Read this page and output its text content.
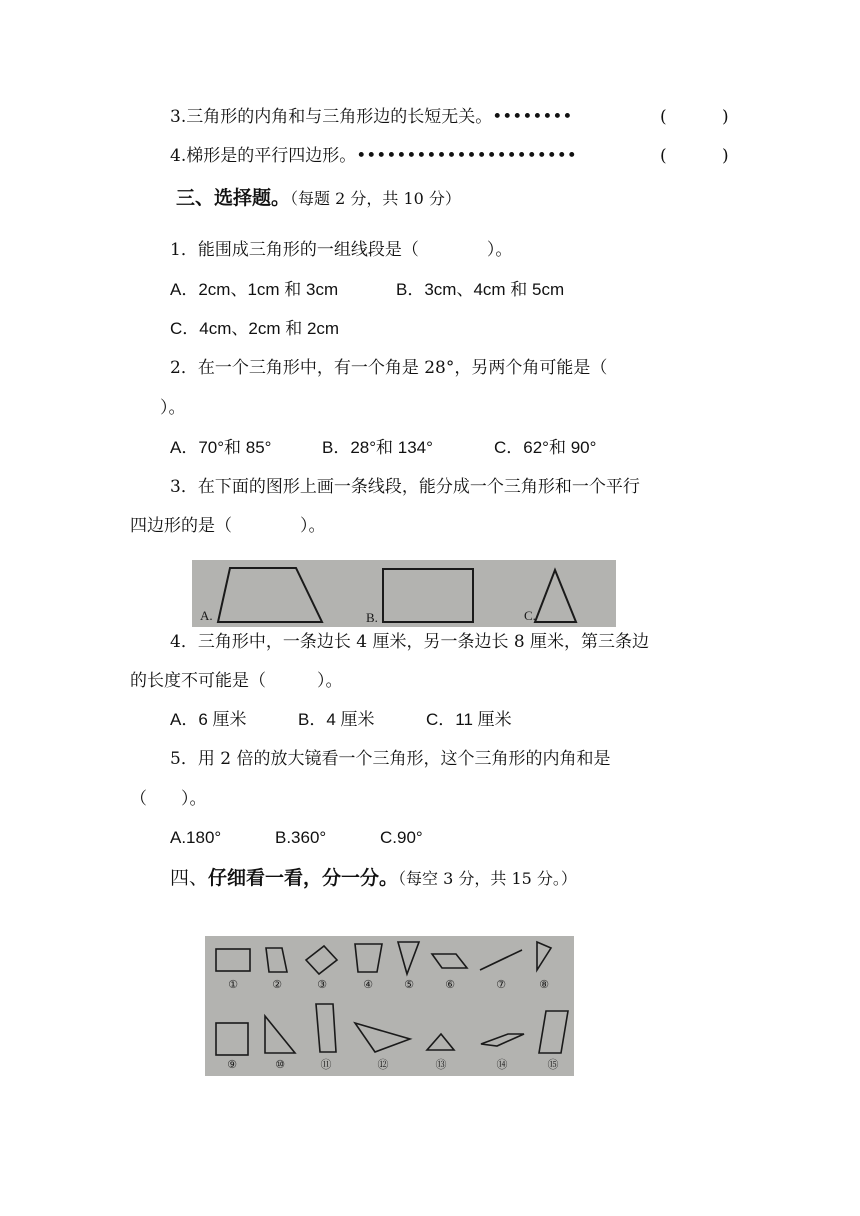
3.三角形的内角和与三角形边的长短无关。••••••••	(	)
4.梯形是的平行四边形。••••••••••••••••••••••	(	)
三、选择题。（每题 2 分，共 10 分）
1．能围成三角形的一组线段是（　　　　）。
A．2cm、1cm 和 3cm	B．3cm、4cm 和 5cm
C．4cm、2cm 和 2cm
2．在一个三角形中，有一个角是 28°，另两个角可能是（
）。
A．70°和 85°	B．28°和 134°	C．62°和 90°
3．在下面的图形上画一条线段，能分成一个三角形和一个平行
四边形的是（　　　　）。
A.	B.	C.
4．三角形中，一条边长 4 厘米，另一条边长 8 厘米，第三条边
的长度不可能是（　　　）。
A．6 厘米	B．4 厘米	C．11 厘米
5．用 2 倍的放大镜看一个三角形，这个三角形的内角和是
（　　）。
A.180°	B.360°	C.90°
四、仔细看一看，分一分。（每空 3 分，共 15 分。）
①	②	③	④	⑤	⑥	⑦	⑧
⑨	⑩	⑪	⑫	⑬	⑭	⑮
